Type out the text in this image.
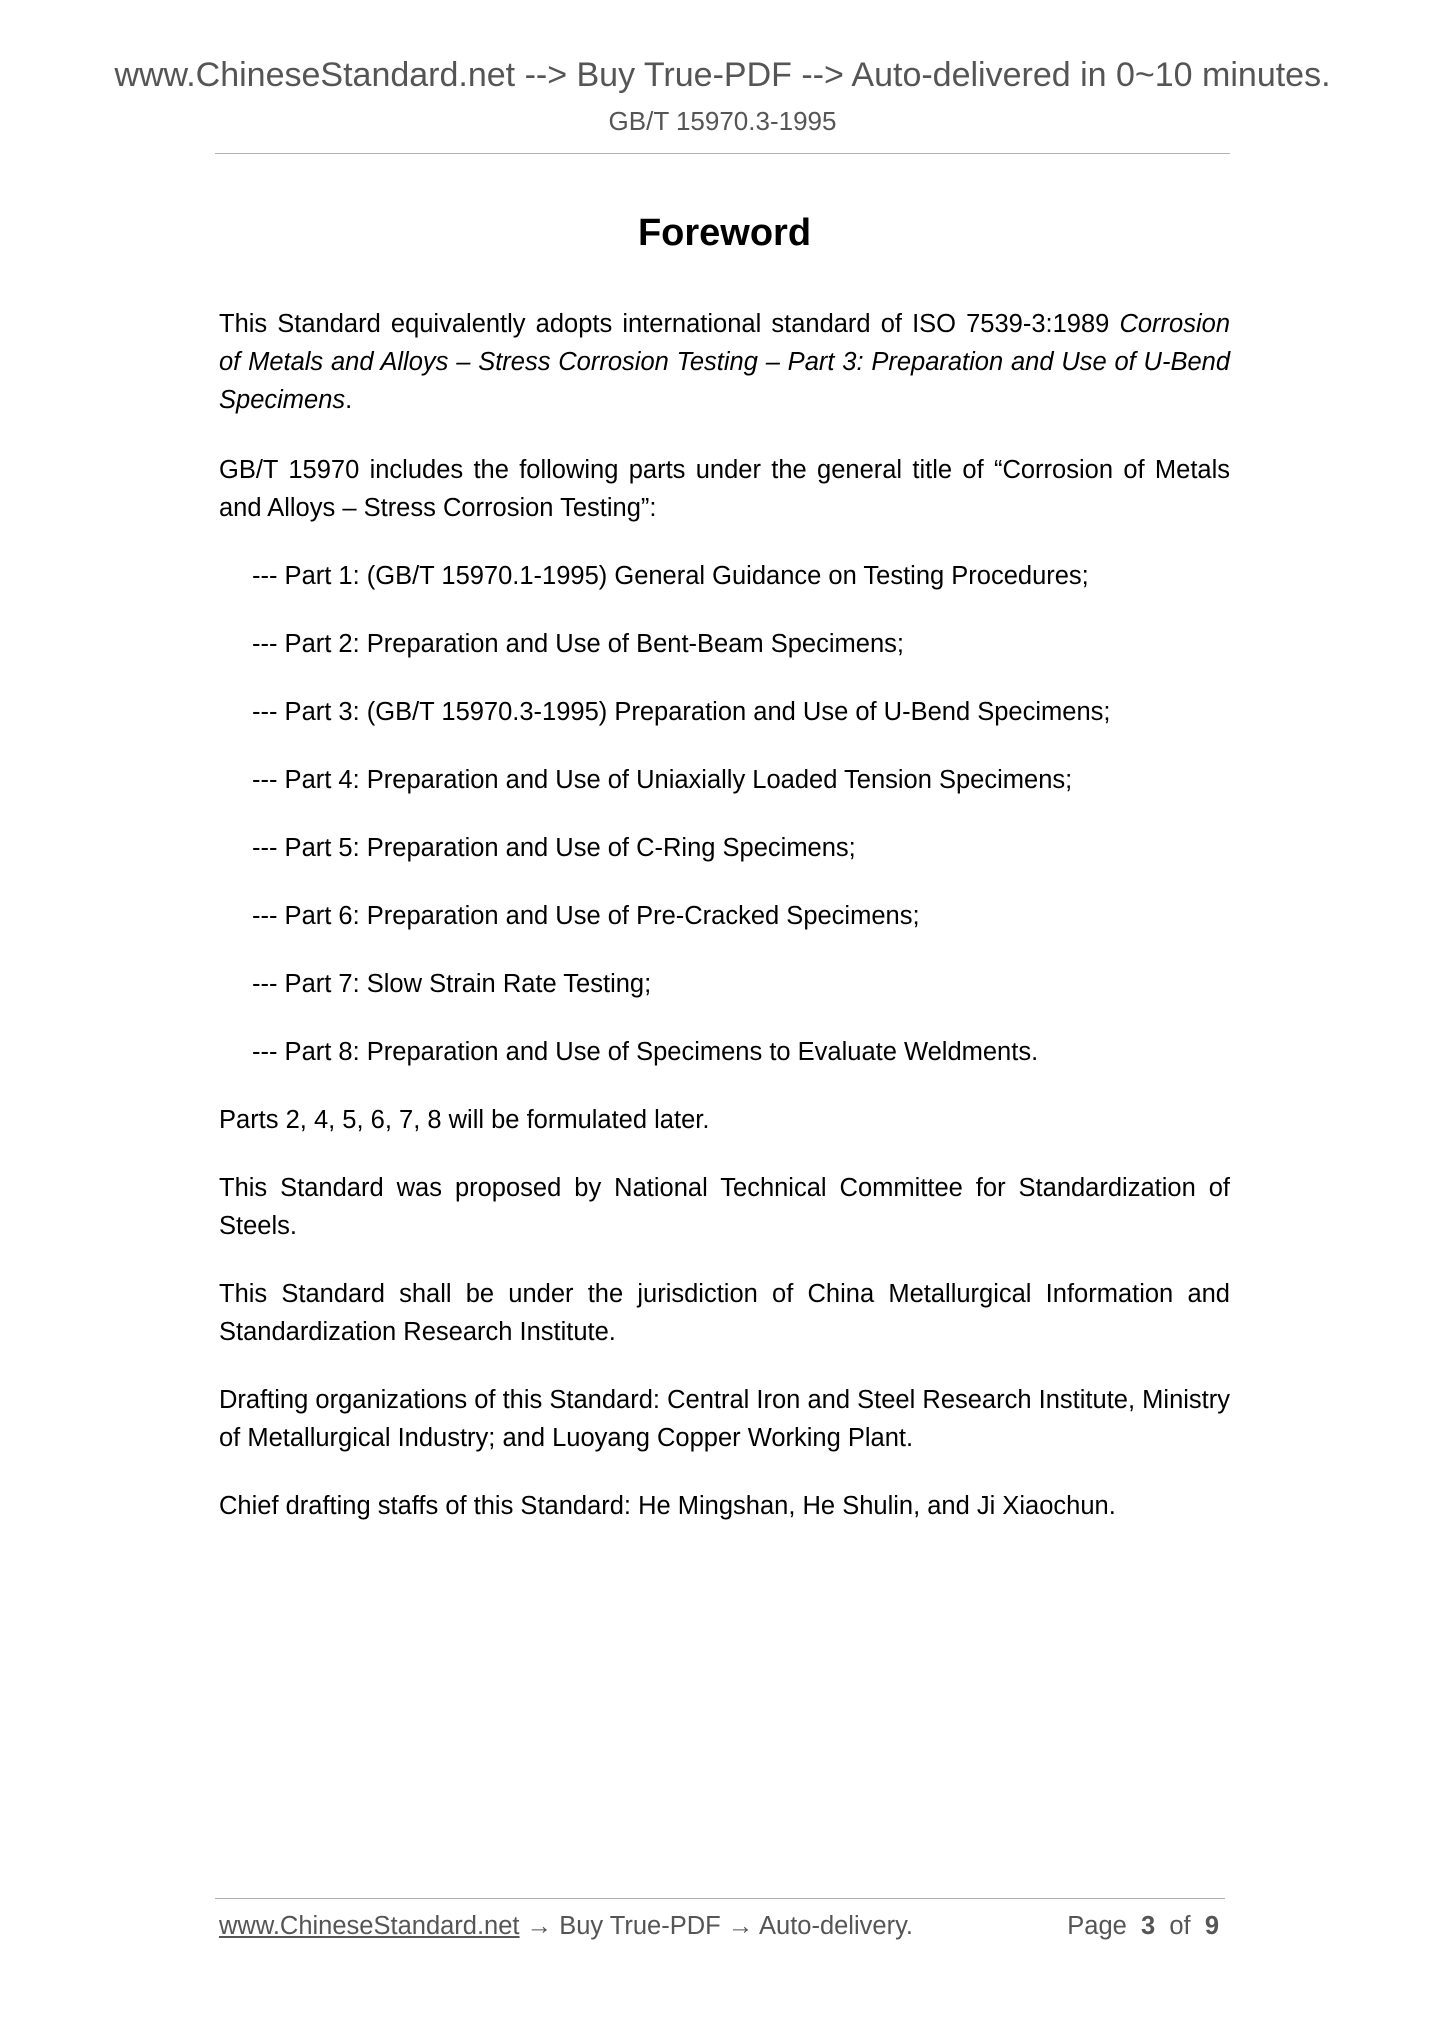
www.ChineseStandard.net --> Buy True-PDF --> Auto-delivered in 0~10 minutes.
GB/T 15970.3-1995
Foreword

This Standard equivalently adopts international standard of ISO 7539-3:1989 Corrosion of Metals and Alloys – Stress Corrosion Testing – Part 3: Preparation and Use of U-Bend Specimens.

GB/T 15970 includes the following parts under the general title of “Corrosion of Metals and Alloys – Stress Corrosion Testing”:

--- Part 1: (GB/T 15970.1-1995) General Guidance on Testing Procedures;

--- Part 2: Preparation and Use of Bent-Beam Specimens;

--- Part 3: (GB/T 15970.3-1995) Preparation and Use of U-Bend Specimens;

--- Part 4: Preparation and Use of Uniaxially Loaded Tension Specimens;

--- Part 5: Preparation and Use of C-Ring Specimens;

--- Part 6: Preparation and Use of Pre-Cracked Specimens;

--- Part 7: Slow Strain Rate Testing;

--- Part 8: Preparation and Use of Specimens to Evaluate Weldments.

Parts 2, 4, 5, 6, 7, 8 will be formulated later.

This Standard was proposed by National Technical Committee for Standardization of Steels.

This Standard shall be under the jurisdiction of China Metallurgical Information and Standardization Research Institute.

Drafting organizations of this Standard: Central Iron and Steel Research Institute, Ministry of Metallurgical Industry; and Luoyang Copper Working Plant.

Chief drafting staffs of this Standard: He Mingshan, He Shulin, and Ji Xiaochun.

www.ChineseStandard.net → Buy True-PDF → Auto-delivery.	Page 3 of 9
